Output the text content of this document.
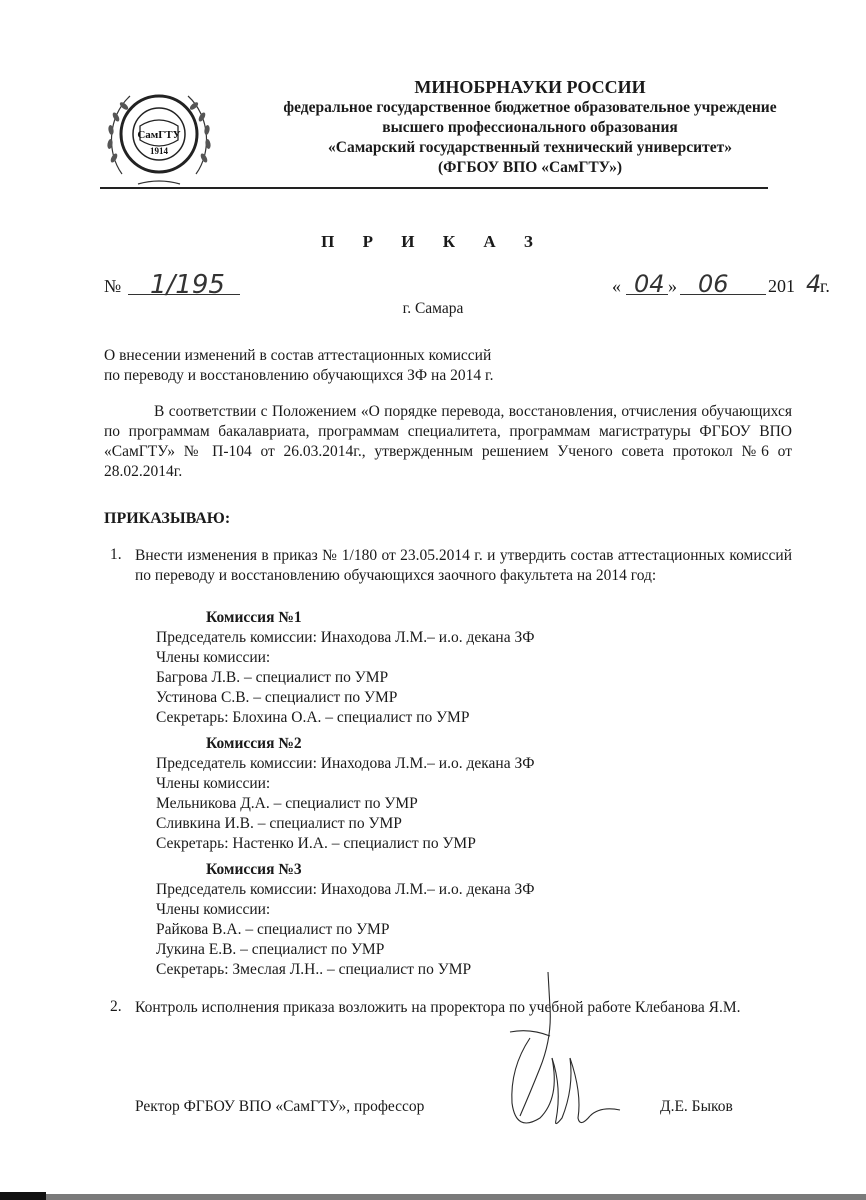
СамГТУ
1914
МИНОБРНАУКИ РОССИИ
федеральное государственное бюджетное образовательное учреждение
высшего профессионального образования
«Самарский государственный технический университет»
(ФГБОУ ВПО «СамГТУ»)
П Р И К А З
№ 1/195	« 04 » 06 201 4
г.
г. Самара
О внесении изменений в состав аттестационных комиссий
по переводу и восстановлению обучающихся ЗФ на 2014 г.
В соответствии с Положением «О порядке перевода, восстановления, отчисления обучающихся по программам бакалавриата, программам специалитета, программам магистратуры ФГБОУ ВПО «СамГТУ» № П-104 от 26.03.2014г., утвержденным решением Ученого совета протокол №6 от 28.02.2014г.
ПРИКАЗЫВАЮ:
1. Внести изменения в приказ № 1/180 от 23.05.2014 г. и утвердить состав аттестационных комиссий по переводу и восстановлению обучающихся заочного факультета на 2014 год:
Комиссия №1
Председатель комиссии: Инаходова Л.М.– и.о. декана ЗФ
Члены комиссии:
Багрова Л.В. – специалист по УМР
Устинова С.В. – специалист по УМР
Секретарь: Блохина О.А. – специалист по УМР
Комиссия №2
Председатель комиссии: Инаходова Л.М.– и.о. декана ЗФ
Члены комиссии:
Мельникова Д.А. – специалист по УМР
Сливкина И.В. – специалист по УМР
Секретарь: Настенко И.А. – специалист по УМР
Комиссия №3
Председатель комиссии: Инаходова Л.М.– и.о. декана ЗФ
Члены комиссии:
Райкова В.А. – специалист по УМР
Лукина Е.В. – специалист по УМР
Секретарь: Змеслая Л.Н.. – специалист по УМР
2. Контроль исполнения приказа возложить на проректора по учебной работе Клебанова Я.М.
Ректор ФГБОУ ВПО «СамГТУ», профессор	Д.Е. Быков
